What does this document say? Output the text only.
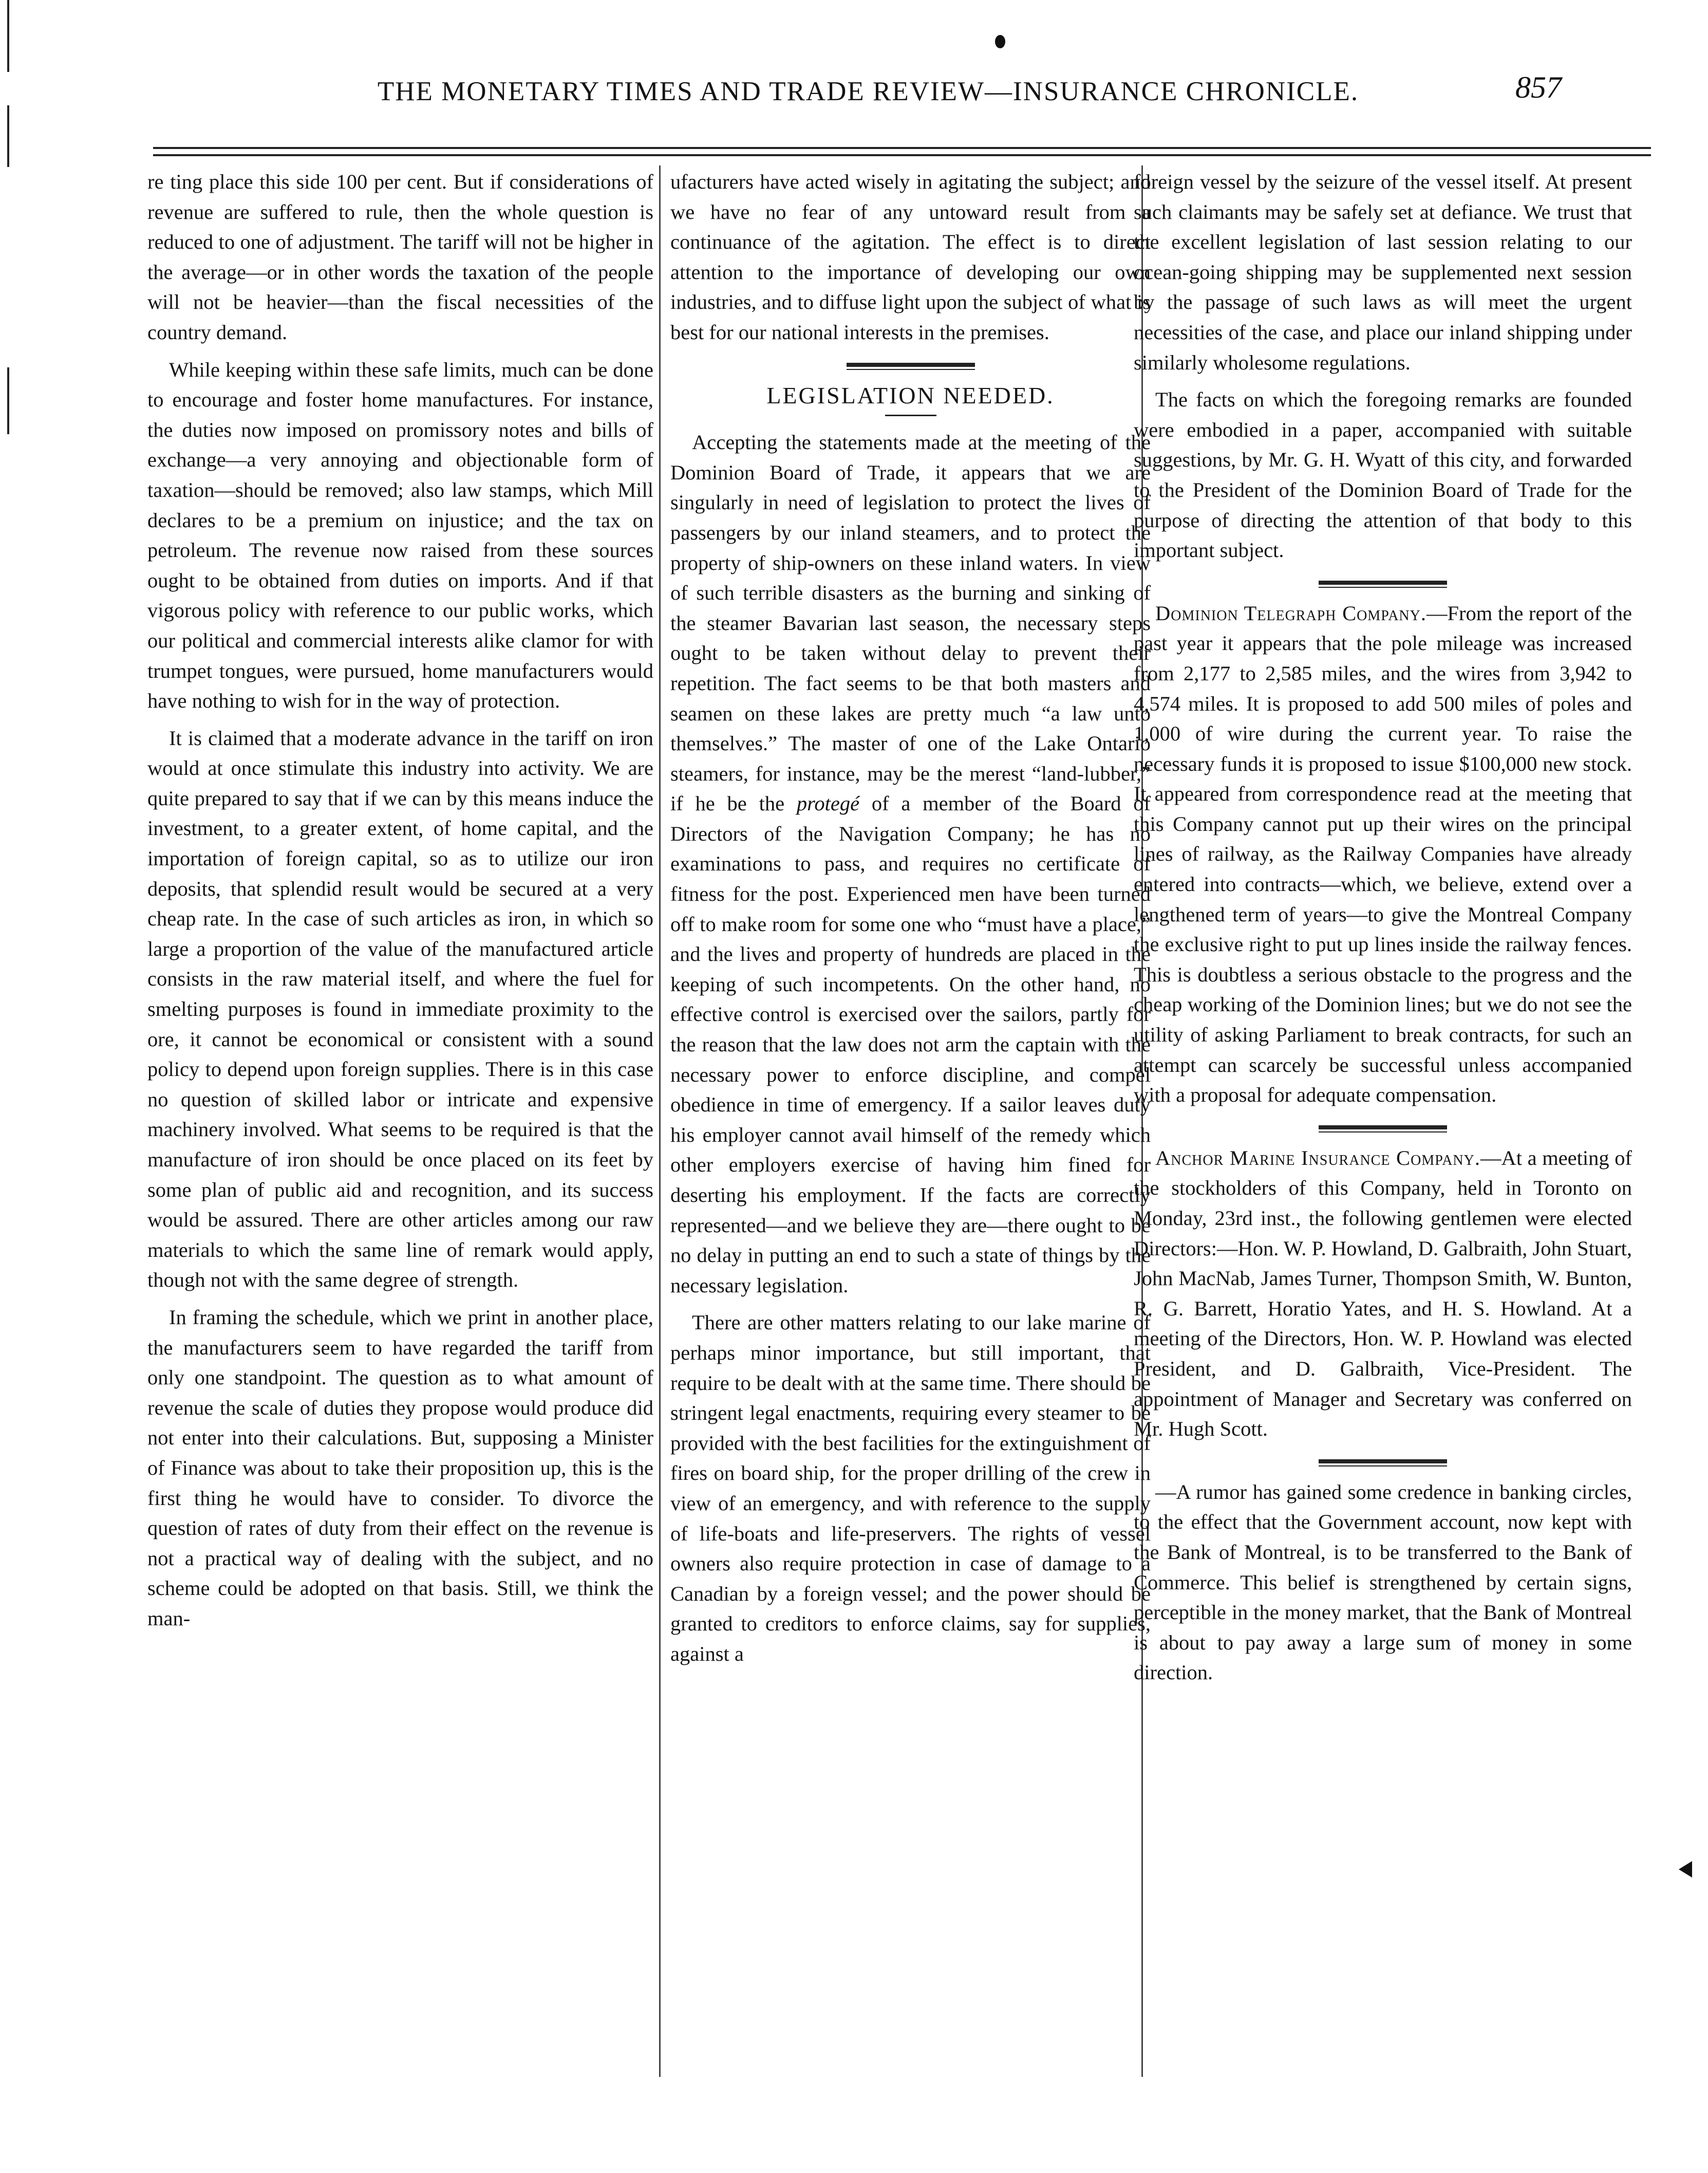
THE MONETARY TIMES AND TRADE REVIEW—INSURANCE CHRONICLE.	857

re ting place this side 100 per cent. But if considerations of revenue are suffered to rule, then the whole question is reduced to one of adjustment. The tariff will not be higher in the average—or in other words the taxation of the people will not be heavier—than the fiscal necessities of the country demand.

While keeping within these safe limits, much can be done to encourage and foster home manufactures. For instance, the duties now imposed on promissory notes and bills of exchange—a very annoying and objectionable form of taxation—should be removed; also law stamps, which Mill declares to be a premium on injustice; and the tax on petroleum. The revenue now raised from these sources ought to be obtained from duties on imports. And if that vigorous policy with reference to our public works, which our political and commercial interests alike clamor for with trumpet tongues, were pursued, home manufacturers would have nothing to wish for in the way of protection.

It is claimed that a moderate advance in the tariff on iron would at once stimulate this industry into activity. We are quite prepared to say that if we can by this means induce the investment, to a greater extent, of home capital, and the importation of foreign capital, so as to utilize our iron deposits, that splendid result would be secured at a very cheap rate. In the case of such articles as iron, in which so large a proportion of the value of the manufactured article consists in the raw material itself, and where the fuel for smelting purposes is found in immediate proximity to the ore, it cannot be economical or consistent with a sound policy to depend upon foreign supplies. There is in this case no question of skilled labor or intricate and expensive machinery involved. What seems to be required is that the manufacture of iron should be once placed on its feet by some plan of public aid and recognition, and its success would be assured. There are other articles among our raw materials to which the same line of remark would apply, though not with the same degree of strength.

In framing the schedule, which we print in another place, the manufacturers seem to have regarded the tariff from only one standpoint. The question as to what amount of revenue the scale of duties they propose would produce did not enter into their calculations. But, supposing a Minister of Finance was about to take their proposition up, this is the first thing he would have to consider. To divorce the question of rates of duty from their effect on the revenue is not a practical way of dealing with the subject, and no scheme could be adopted on that basis. Still, we think the man-

ufacturers have acted wisely in agitating the subject; and we have no fear of any untoward result from a continuance of the agitation. The effect is to direct attention to the importance of developing our own industries, and to diffuse light upon the subject of what is best for our national interests in the premises.

LEGISLATION NEEDED.

Accepting the statements made at the meeting of the Dominion Board of Trade, it appears that we are singularly in need of legislation to protect the lives of passengers by our inland steamers, and to protect the property of ship-owners on these inland waters. In view of such terrible disasters as the burning and sinking of the steamer Bavarian last season, the necessary steps ought to be taken without delay to prevent their repetition. The fact seems to be that both masters and seamen on these lakes are pretty much “a law unto themselves.” The master of one of the Lake Ontario steamers, for instance, may be the merest “land-lubber,” if he be the protegé of a member of the Board of Directors of the Navigation Company; he has no examinations to pass, and requires no certificate of fitness for the post. Experienced men have been turned off to make room for some one who “must have a place,” and the lives and property of hundreds are placed in the keeping of such incompetents. On the other hand, no effective control is exercised over the sailors, partly for the reason that the law does not arm the captain with the necessary power to enforce discipline, and compel obedience in time of emergency. If a sailor leaves duty his employer cannot avail himself of the remedy which other employers exercise of having him fined for deserting his employment. If the facts are correctly represented—and we believe they are—there ought to be no delay in putting an end to such a state of things by the necessary legislation.

There are other matters relating to our lake marine of perhaps minor importance, but still important, that require to be dealt with at the same time. There should be stringent legal enactments, requiring every steamer to be provided with the best facilities for the extinguishment of fires on board ship, for the proper drilling of the crew in view of an emergency, and with reference to the supply of life-boats and life-preservers. The rights of vessel owners also require protection in case of damage to a Canadian by a foreign vessel; and the power should be granted to creditors to enforce claims, say for supplies, against a

foreign vessel by the seizure of the vessel itself. At present such claimants may be safely set at defiance. We trust that the excellent legislation of last session relating to our ocean-going shipping may be supplemented next session by the passage of such laws as will meet the urgent necessities of the case, and place our inland shipping under similarly wholesome regulations.

The facts on which the foregoing remarks are founded were embodied in a paper, accompanied with suitable suggestions, by Mr. G. H. Wyatt of this city, and forwarded to the President of the Dominion Board of Trade for the purpose of directing the attention of that body to this important subject.

Dominion Telegraph Company.—From the report of the past year it appears that the pole mileage was increased from 2,177 to 2,585 miles, and the wires from 3,942 to 4,574 miles. It is proposed to add 500 miles of poles and 1,000 of wire during the current year. To raise the necessary funds it is proposed to issue $100,000 new stock. It appeared from correspondence read at the meeting that this Company cannot put up their wires on the principal lines of railway, as the Railway Companies have already entered into contracts—which, we believe, extend over a lengthened term of years—to give the Montreal Company the exclusive right to put up lines inside the railway fences. This is doubtless a serious obstacle to the progress and the cheap working of the Dominion lines; but we do not see the utility of asking Parliament to break contracts, for such an attempt can scarcely be successful unless accompanied with a proposal for adequate compensation.

Anchor Marine Insurance Company.—At a meeting of the stockholders of this Company, held in Toronto on Monday, 23rd inst., the following gentlemen were elected Directors:—Hon. W. P. Howland, D. Galbraith, John Stuart, John MacNab, James Turner, Thompson Smith, W. Bunton, R. G. Barrett, Horatio Yates, and H. S. Howland. At a meeting of the Directors, Hon. W. P. Howland was elected President, and D. Galbraith, Vice-President. The appointment of Manager and Secretary was conferred on Mr. Hugh Scott.

—A rumor has gained some credence in banking circles, to the effect that the Government account, now kept with the Bank of Montreal, is to be transferred to the Bank of Commerce. This belief is strengthened by certain signs, perceptible in the money market, that the Bank of Montreal is about to pay away a large sum of money in some direction.
